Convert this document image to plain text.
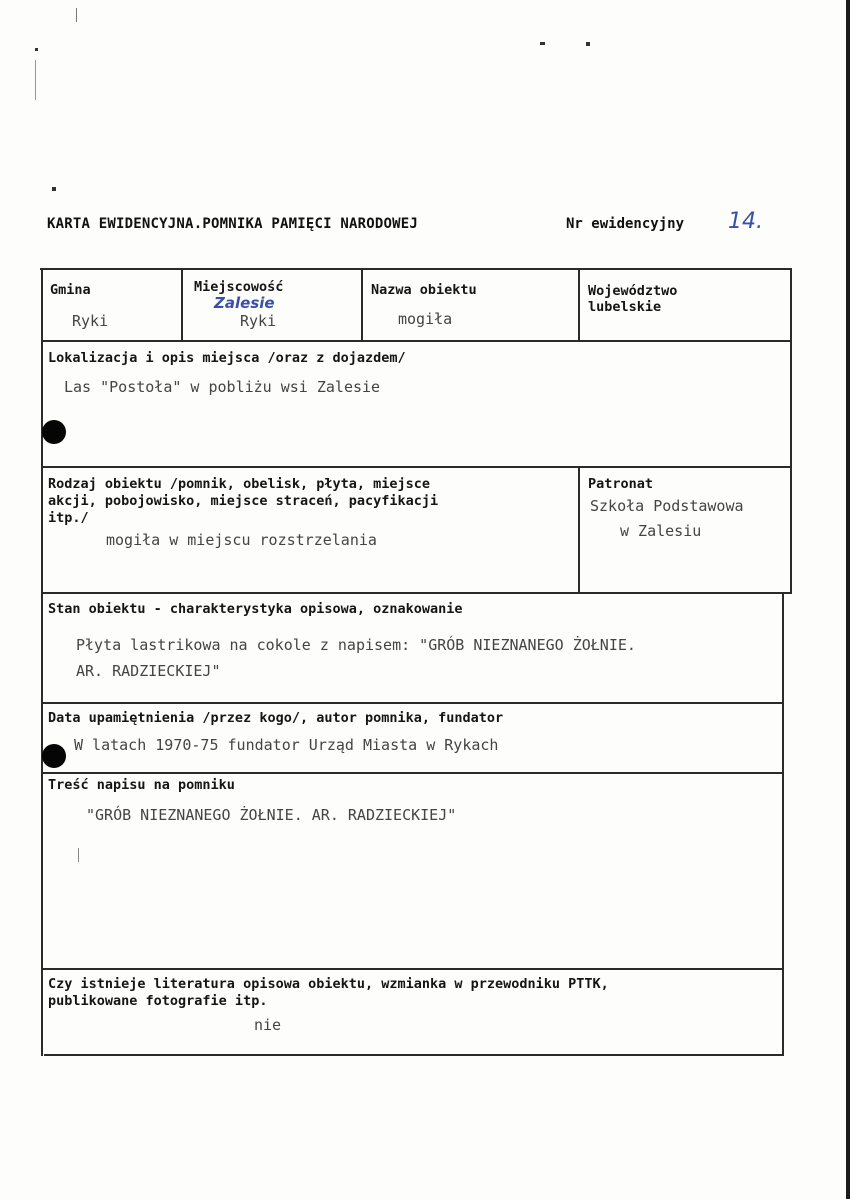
KARTA EWIDENCYJNA.POMNIKA PAMIĘCI NARODOWEJ	Nr ewidencyjny 14.
Gmina
Ryki
Miejscowość
Zalesie
Ryki
Nazwa obiektu
mogiła
Województwo
lubelskie
Lokalizacja i opis miejsca /oraz z dojazdem/
Las "Postoła" w pobliżu wsi Zalesie
Rodzaj obiektu /pomnik, obelisk, płyta, miejsce
akcji, pobojowisko, miejsce straceń, pacyfikacji
itp./
mogiła w miejscu rozstrzelania
Patronat
Szkoła Podstawowa
w Zalesiu
Stan obiektu - charakterystyka opisowa, oznakowanie
Płyta lastrikowa na cokole z napisem: "GRÓB NIEZNANEGO ŻOŁNIE.
AR. RADZIECKIEJ"
Data upamiętnienia /przez kogo/, autor pomnika, fundator
W latach 1970-75 fundator Urząd Miasta w Rykach
Treść napisu na pomniku
"GRÓB NIEZNANEGO ŻOŁNIE. AR. RADZIECKIEJ"
Czy istnieje literatura opisowa obiektu, wzmianka w przewodniku PTTK,
publikowane fotografie itp.
nie
